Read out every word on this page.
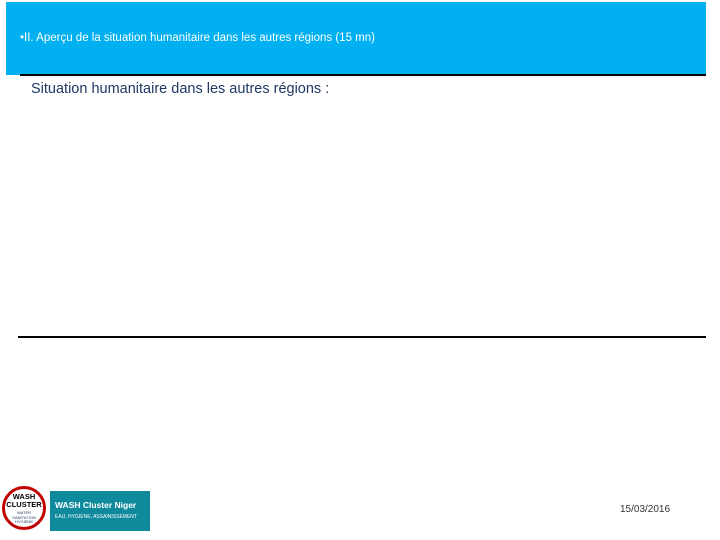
•II. Aperçu de la situation humanitaire dans les autres régions (15 mn)
Situation humanitaire dans les autres régions :
WASH
CLUSTER
WATER
SANITATION
HYGIENE
WASH Cluster Niger
EAU, HYGIENE, ASSAINISSEMENT
15/03/2016
